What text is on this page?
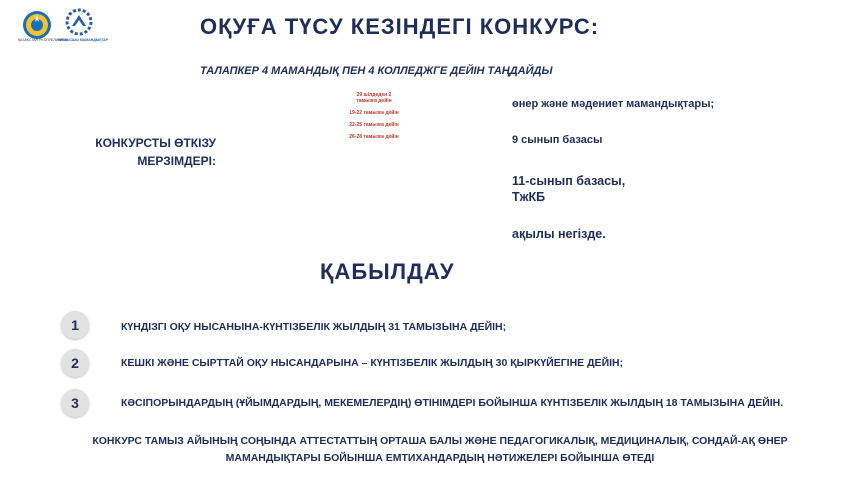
ҚАЗАҚСТАН РЕСПУБЛИКАСЫ
ЖҰМЫСШЫ МАМАНДЫҚТАР
ОҚУҒА ТҮСУ КЕЗІНДЕГІ КОНКУРС:
ТАЛАПКЕР 4 МАМАНДЫҚ ПЕН 4 КОЛЛЕДЖГЕ ДЕЙІН ТАҢДАЙДЫ
КОНКУРСТЫ ӨТКІЗУ
МЕРЗІМДЕРІ:
29 шілдеден 2 тамызға дейін
19-22 тамызға дейін
22-25 тамызға дейін
26-28 тамызға дейін
өнер және мәдениет мамандықтары;
9 сынып базасы
11-сынып базасы,
ТжКБ
ақылы негізде.
ҚАБЫЛДАУ
1	КҮНДІЗГІ ОҚУ НЫСАНЫНА-КҮНТІЗБЕЛІК ЖЫЛДЫҢ 31 ТАМЫЗЫНА ДЕЙІН;
2	КЕШКІ ЖӘНЕ СЫРТТАЙ ОҚУ НЫСАНДАРЫНА – КҮНТІЗБЕЛІК ЖЫЛДЫҢ 30 ҚЫРКҮЙЕГІНЕ ДЕЙІН;
3	КӘСІПОРЫНДАРДЫҢ (ҰЙЫМДАРДЫҢ, МЕКЕМЕЛЕРДІҢ) ӨТІНІМДЕРІ БОЙЫНША КҮНТІЗБЕЛІК ЖЫЛДЫҢ 18 ТАМЫЗЫНА ДЕЙІН.
КОНКУРС ТАМЫЗ АЙЫНЫҢ СОҢЫНДА АТТЕСТАТТЫҢ ОРТАША БАЛЫ ЖӘНЕ ПЕДАГОГИКАЛЫҚ, МЕДИЦИНАЛЫҚ, СОНДАЙ-АҚ ӨНЕР
МАМАНДЫҚТАРЫ БОЙЫНША ЕМТИХАНДАРДЫҢ НӘТИЖЕЛЕРІ БОЙЫНША ӨТЕДІ
